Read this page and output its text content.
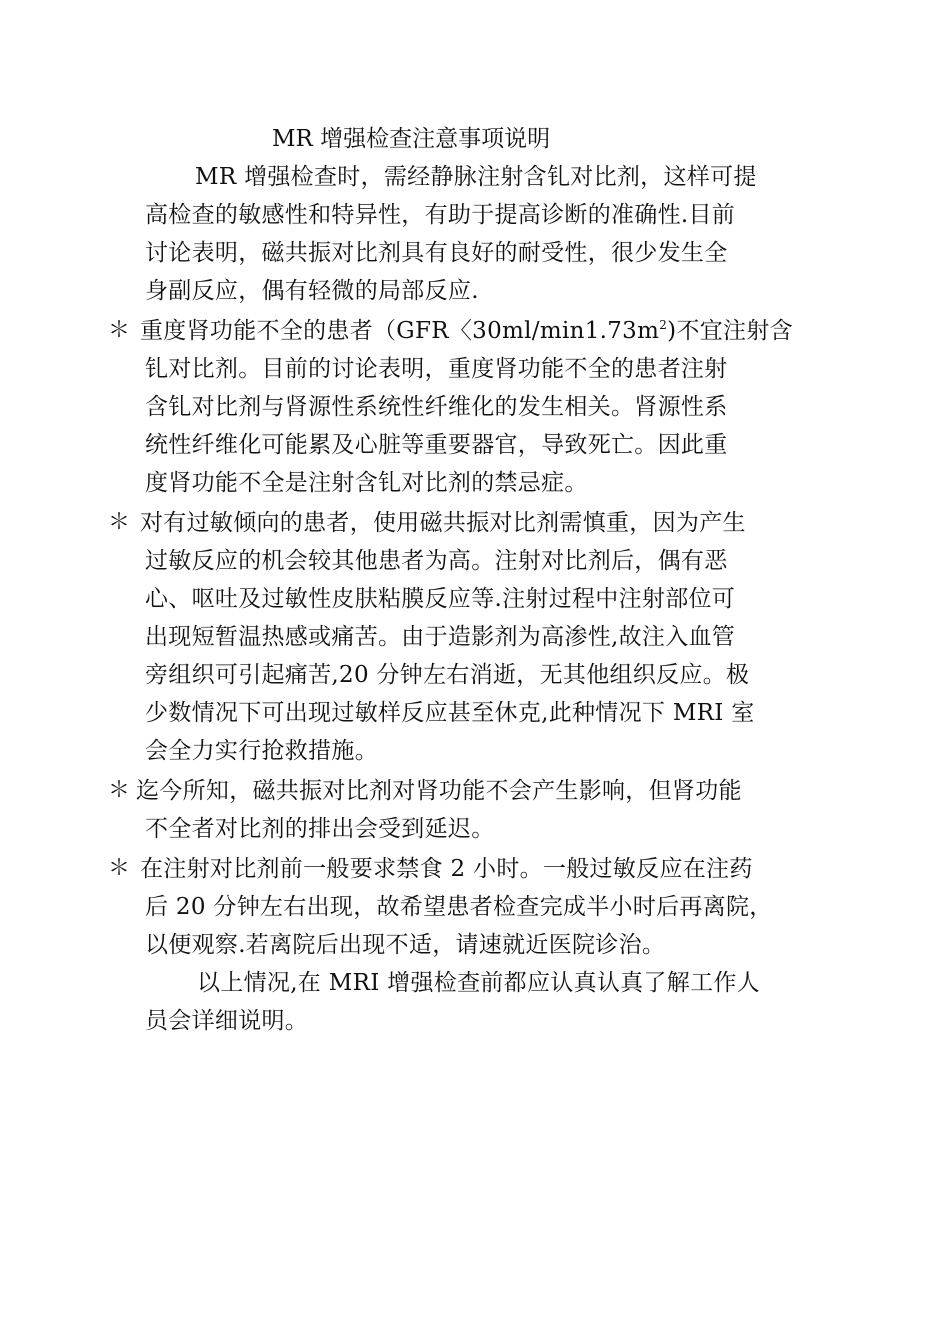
MR 增强检查注意事项说明
MR 增强检查时，需经静脉注射含钆对比剂，这样可提
高检查的敏感性和特异性，有助于提高诊断的准确性.目前
讨论表明，磁共振对比剂具有良好的耐受性，很少发生全
身副反应，偶有轻微的局部反应.
＊ 重度肾功能不全的患者（GFR〈$30ml/\min 1.73m^2$)不宜注射含
钆对比剂。目前的讨论表明，重度肾功能不全的患者注射
含钆对比剂与肾源性系统性纤维化的发生相关。肾源性系
统性纤维化可能累及心脏等重要器官，导致死亡。因此重
度肾功能不全是注射含钆对比剂的禁忌症。
＊ 对有过敏倾向的患者，使用磁共振对比剂需慎重，因为产生
过敏反应的机会较其他患者为高。注射对比剂后，偶有恶
心、呕吐及过敏性皮肤粘膜反应等.注射过程中注射部位可
出现短暂温热感或痛苦。由于造影剂为高渗性,故注入血管
旁组织可引起痛苦,20 分钟左右消逝，无其他组织反应。极
少数情况下可出现过敏样反应甚至休克,此种情况下 MRI 室
会全力实行抢救措施。
＊ 迄今所知，磁共振对比剂对肾功能不会产生影响，但肾功能
不全者对比剂的排出会受到延迟。
＊ 在注射对比剂前一般要求禁食 2 小时。一般过敏反应在注药
后 20 分钟左右出现，故希望患者检查完成半小时后再离院，
以便观察.若离院后出现不适，请速就近医院诊治。
以上情况,在 MRI 增强检查前都应认真认真了解工作人
员会详细说明。
